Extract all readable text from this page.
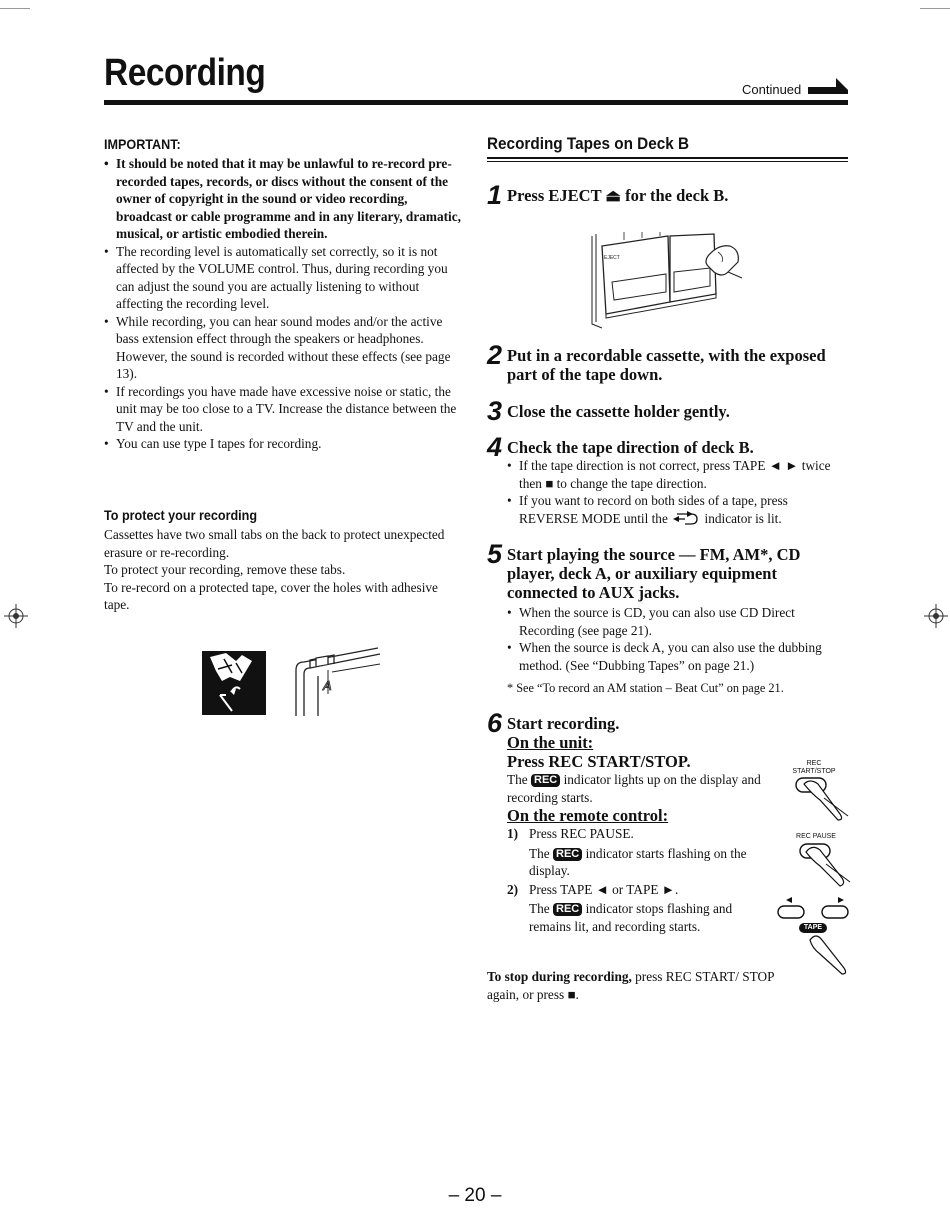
Recording	Continued
IMPORTANT:
• It should be noted that it may be unlawful to re-record pre-recorded tapes, records, or discs without the consent of the owner of copyright in the sound or video recording, broadcast or cable programme and in any literary, dramatic, musical, or artistic embodied therein.
• The recording level is automatically set correctly, so it is not affected by the VOLUME control. Thus, during recording you can adjust the sound you are actually listening to without affecting the recording level.
• While recording, you can hear sound modes and/or the active bass extension effect through the speakers or headphones. However, the sound is recorded without these effects (see page 13).
• If recordings you have made have excessive noise or static, the unit may be too close to a TV. Increase the distance between the TV and the unit.
• You can use type I tapes for recording.
To protect your recording

Cassettes have two small tabs on the back to protect unexpected erasure or re-recording.

To protect your recording, remove these tabs.

To re-record on a protected tape, cover the holes with adhesive tape.

A
Recording Tapes on Deck B
1 Press EJECT ⏏ for the deck B.
EJECT
2 Put in a recordable cassette, with the exposed part of the tape down.
3 Close the cassette holder gently.
4 Check the tape direction of deck B.
• If the tape direction is not correct, press TAPE ◄ ► twice then ■ to change the tape direction.
• If you want to record on both sides of a tape, press REVERSE MODE until the	indicator is lit.
5 Start playing the source — FM, AM*, CD player, deck A, or auxiliary equipment connected to AUX jacks.
• When the source is CD, you can also use CD Direct Recording (see page 21).
• When the source is deck A, you can also use the dubbing method. (See “Dubbing Tapes” on page 21.)
* See “To record an AM station – Beat Cut” on page 21.
6 Start recording.
On the unit:
Press REC START/STOP.
The REC indicator lights up on the display and recording starts.
On the remote control:
1) Press REC PAUSE.
The REC indicator starts flashing on the display.
2) Press TAPE ◄ or TAPE ►.
The REC indicator stops flashing and remains lit, and recording starts.
REC
START/STOP
REC PAUSE
TAPE
To stop during recording, press REC START/ STOP again, or press ■.
– 20 –
